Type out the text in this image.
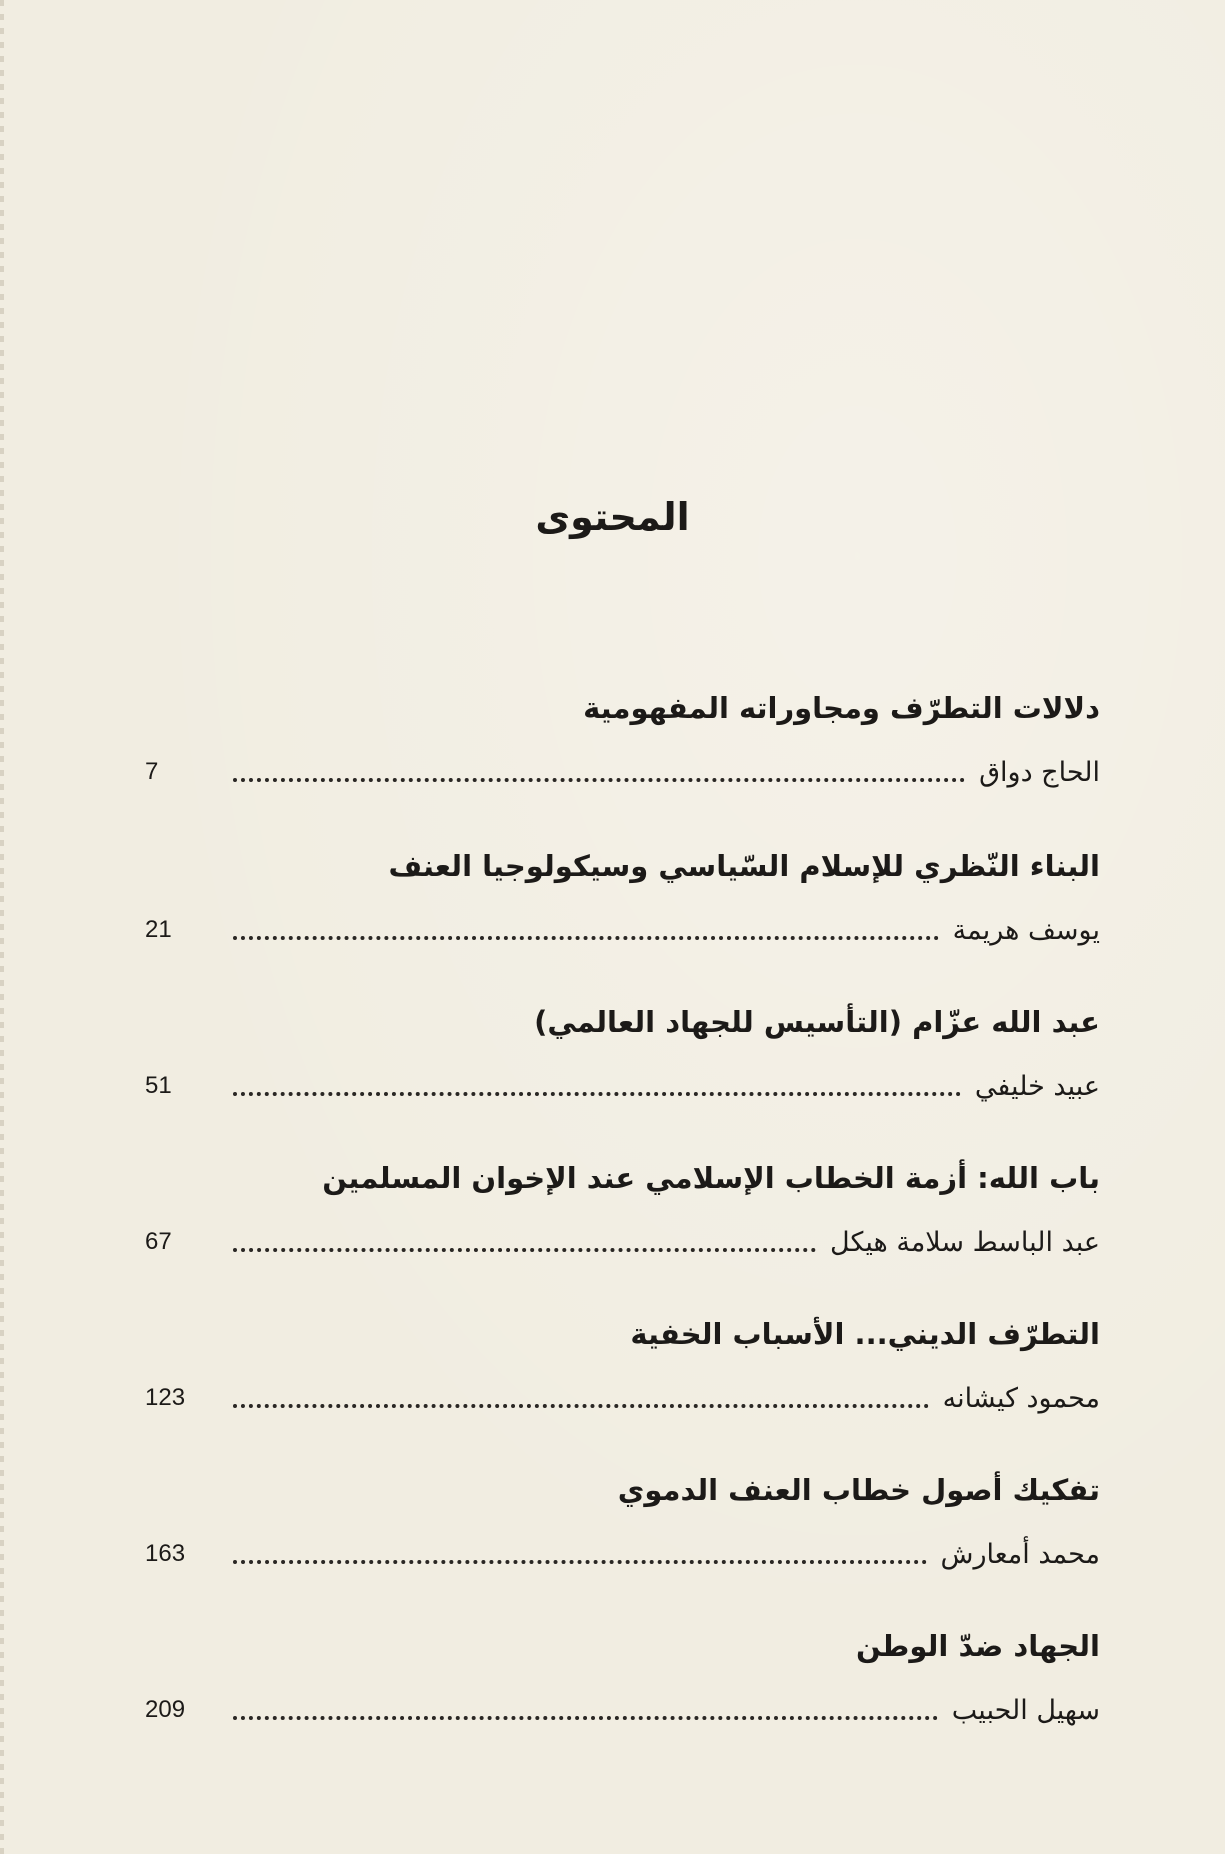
المحتوى
دلالات التطرّف ومجاوراته المفهومية
7	الحاج دواق
البناء النّظري للإسلام السّياسي وسيكولوجيا العنف
21	يوسف هريمة
عبد الله عزّام (التأسيس للجهاد العالمي)
51	عبيد خليفي
باب الله: أزمة الخطاب الإسلامي عند الإخوان المسلمين
67	عبد الباسط سلامة هيكل
التطرّف الديني... الأسباب الخفية
123	محمود كيشانه
تفكيك أصول خطاب العنف الدموي
163	محمد أمعارش
الجهاد ضدّ الوطن
209	سهيل الحبيب
